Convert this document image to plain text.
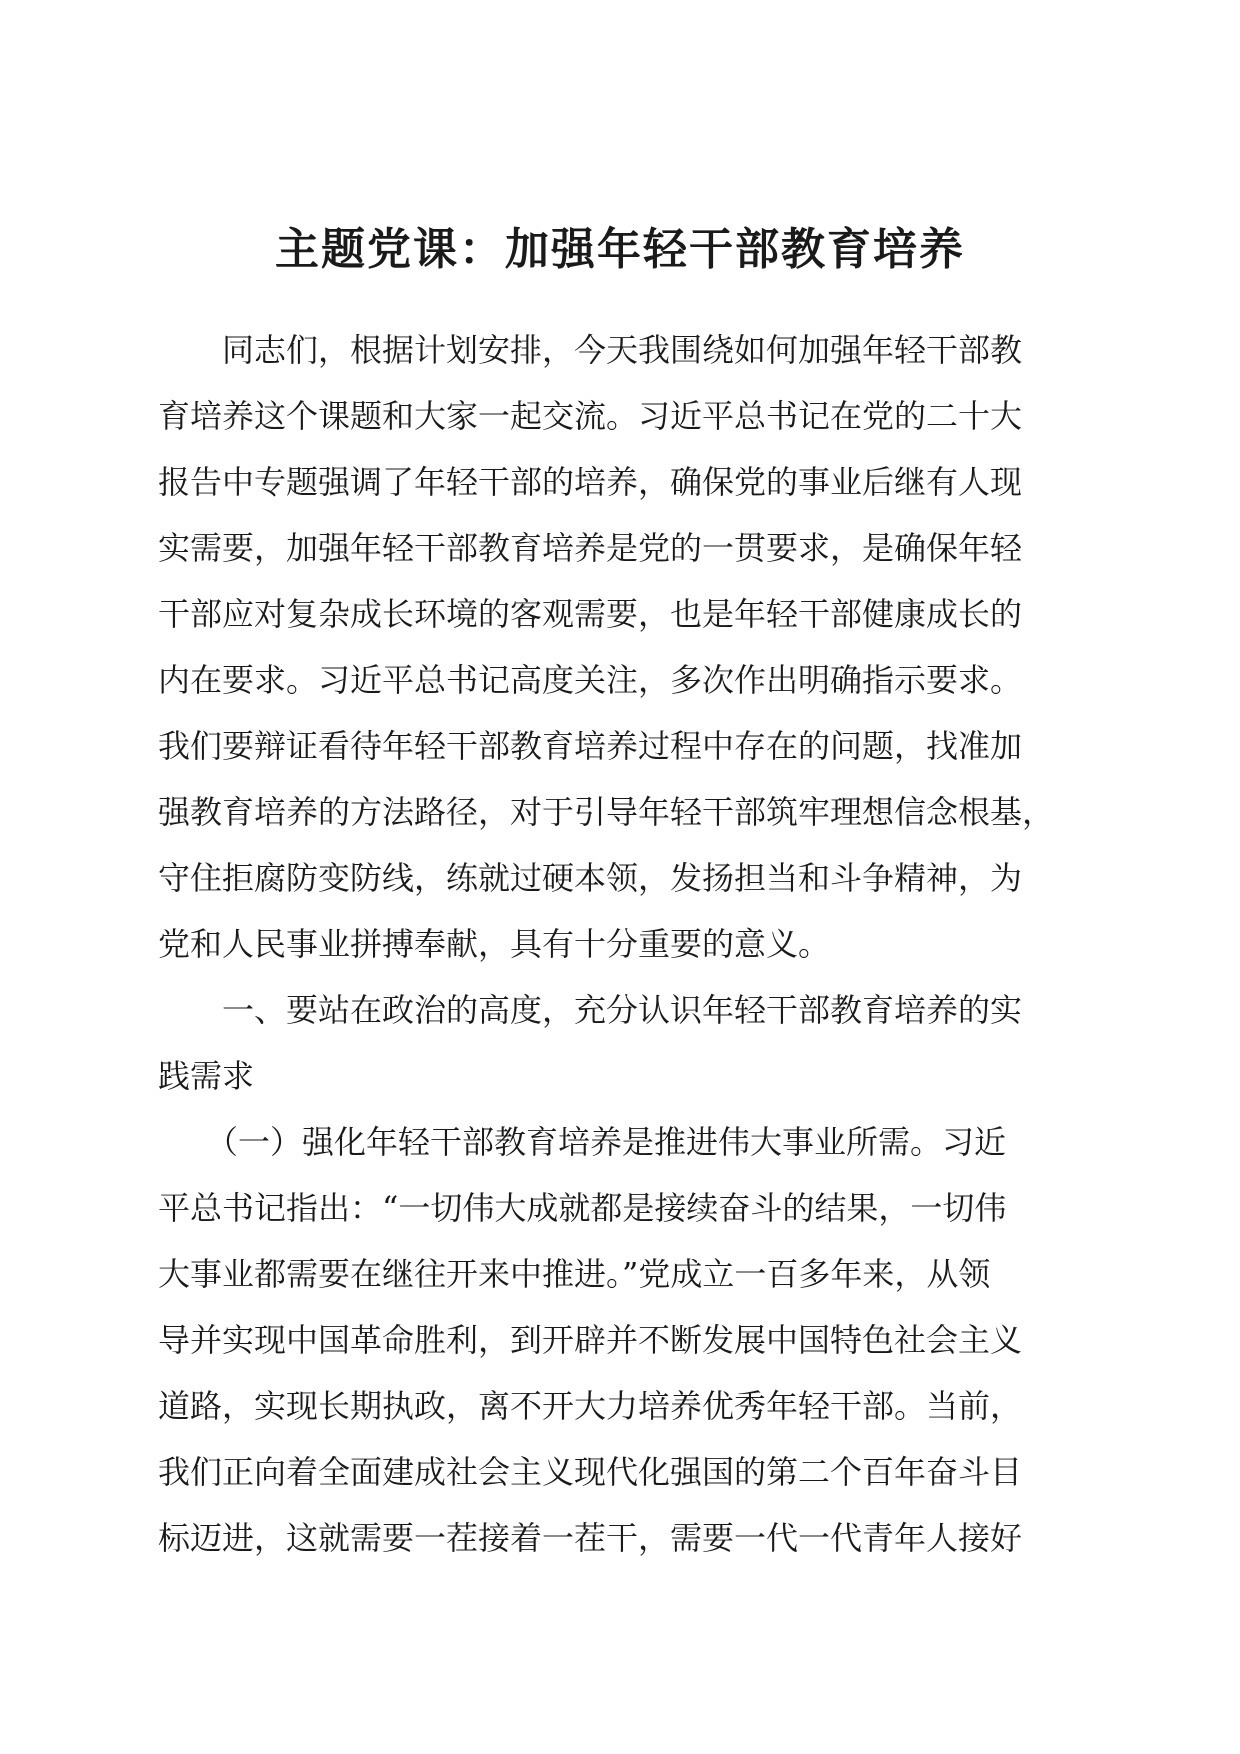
主题党课：加强年轻干部教育培养

　　同志们，根据计划安排，今天我围绕如何加强年轻干部教

育培养这个课题和大家一起交流。习近平总书记在党的二十大

报告中专题强调了年轻干部的培养，确保党的事业后继有人现

实需要，加强年轻干部教育培养是党的一贯要求，是确保年轻

干部应对复杂成长环境的客观需要，也是年轻干部健康成长的

内在要求。习近平总书记高度关注，多次作出明确指示要求。

我们要辩证看待年轻干部教育培养过程中存在的问题，找准加

强教育培养的方法路径，对于引导年轻干部筑牢理想信念根基，

守住拒腐防变防线，练就过硬本领，发扬担当和斗争精神，为

党和人民事业拼搏奉献，具有十分重要的意义。

　　一、要站在政治的高度，充分认识年轻干部教育培养的实

践需求

　　（一）强化年轻干部教育培养是推进伟大事业所需。习近

平总书记指出：“一切伟大成就都是接续奋斗的结果，一切伟

大事业都需要在继往开来中推进。”党成立一百多年来，从领

导并实现中国革命胜利，到开辟并不断发展中国特色社会主义

道路，实现长期执政，离不开大力培养优秀年轻干部。当前，

我们正向着全面建成社会主义现代化强国的第二个百年奋斗目

标迈进，这就需要一茬接着一茬干，需要一代一代青年人接好
